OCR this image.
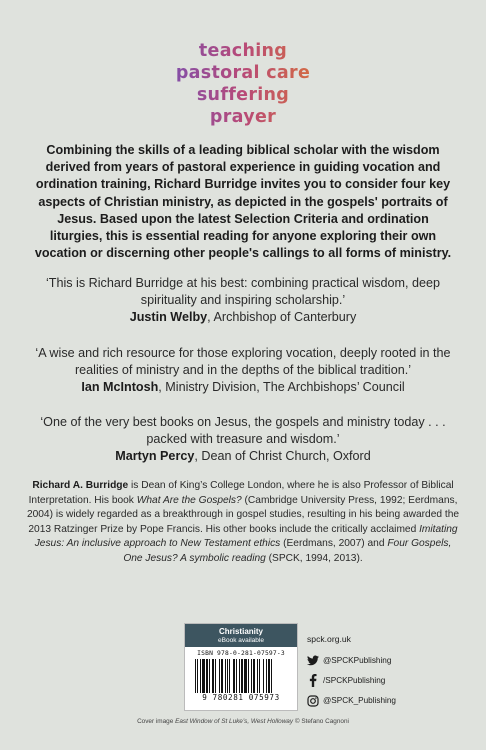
teaching
pastoral care
suffering
prayer
Combining the skills of a leading biblical scholar with the wisdom derived from years of pastoral experience in guiding vocation and ordination training, Richard Burridge invites you to consider four key aspects of Christian ministry, as depicted in the gospels' portraits of Jesus. Based upon the latest Selection Criteria and ordination liturgies, this is essential reading for anyone exploring their own vocation or discerning other people's callings to all forms of ministry.
‘This is Richard Burridge at his best: combining practical wisdom, deep spirituality and inspiring scholarship.’
Justin Welby, Archbishop of Canterbury
‘A wise and rich resource for those exploring vocation, deeply rooted in the realities of ministry and in the depths of the biblical tradition.’
Ian McIntosh, Ministry Division, The Archbishops’ Council
‘One of the very best books on Jesus, the gospels and ministry today . . . packed with treasure and wisdom.’
Martyn Percy, Dean of Christ Church, Oxford
Richard A. Burridge is Dean of King’s College London, where he is also Professor of Biblical Interpretation. His book What Are the Gospels? (Cambridge University Press, 1992; Eerdmans, 2004) is widely regarded as a breakthrough in gospel studies, resulting in his being awarded the 2013 Ratzinger Prize by Pope Francis. His other books include the critically acclaimed Imitating Jesus: An inclusive approach to New Testament ethics (Eerdmans, 2007) and Four Gospels, One Jesus? A symbolic reading (SPCK, 1994, 2013).
Christianity
eBook available
ISBN 978-0-281-07597-3
9 780281 075973
spck.org.uk
@SPCKPublishing
/SPCKPublishing
@SPCK_Publishing
Cover image East Window of St Luke’s, West Holloway © Stefano Cagnoni
